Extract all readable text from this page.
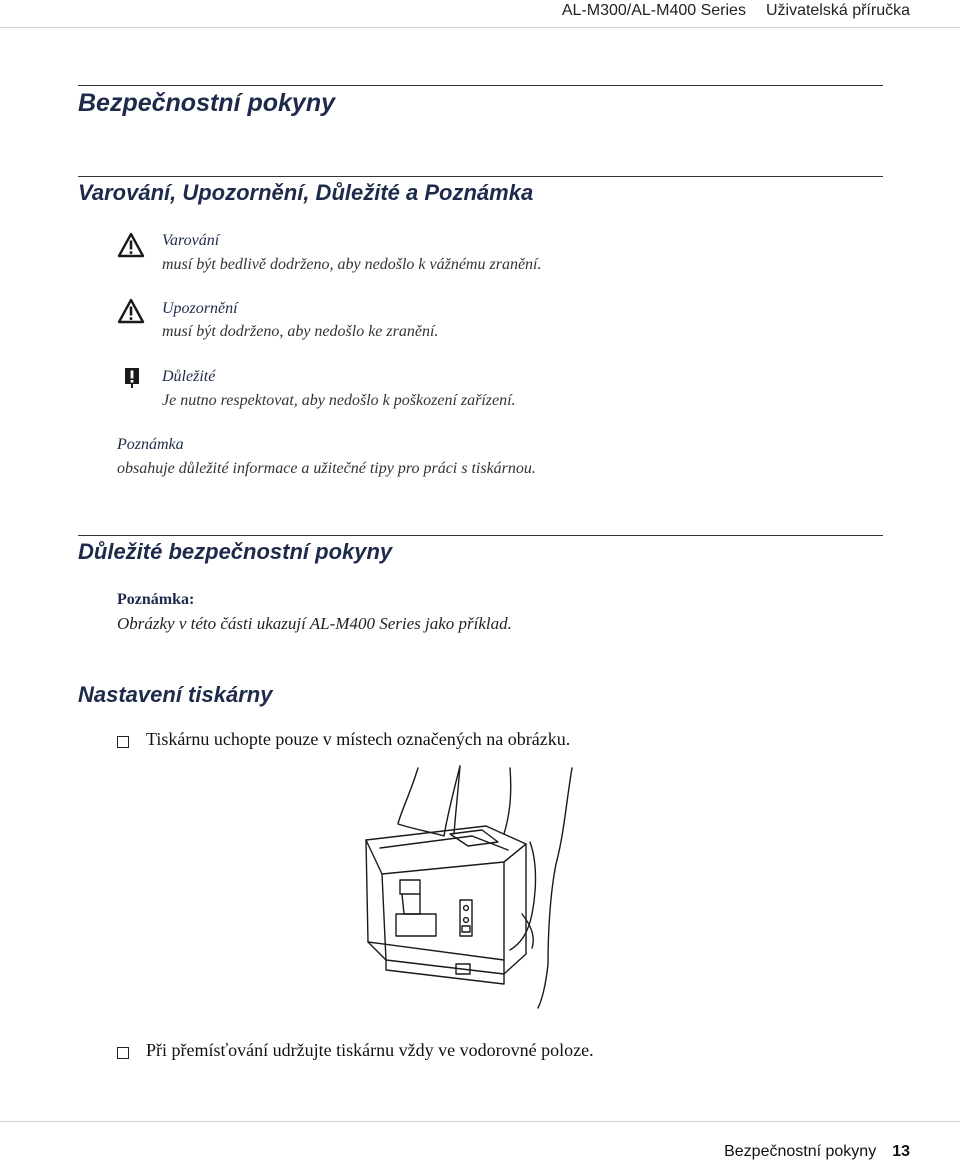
AL-M300/AL-M400 Series Uživatelská příručka
Bezpečnostní pokyny
Varování, Upozornění, Důležité a Poznámka
Varování
musí být bedlivě dodrženo, aby nedošlo k vážnému zranění.
Upozornění
musí být dodrženo, aby nedošlo ke zranění.
Důležité
Je nutno respektovat, aby nedošlo k poškození zařízení.
Poznámka
obsahuje důležité informace a užitečné tipy pro práci s tiskárnou.
Důležité bezpečnostní pokyny
Poznámka:
Obrázky v této části ukazují AL-M400 Series jako příklad.
Nastavení tiskárny
Tiskárnu uchopte pouze v místech označených na obrázku.
Při přemísťování udržujte tiskárnu vždy ve vodorovné poloze.
Bezpečnostní pokyny 13
